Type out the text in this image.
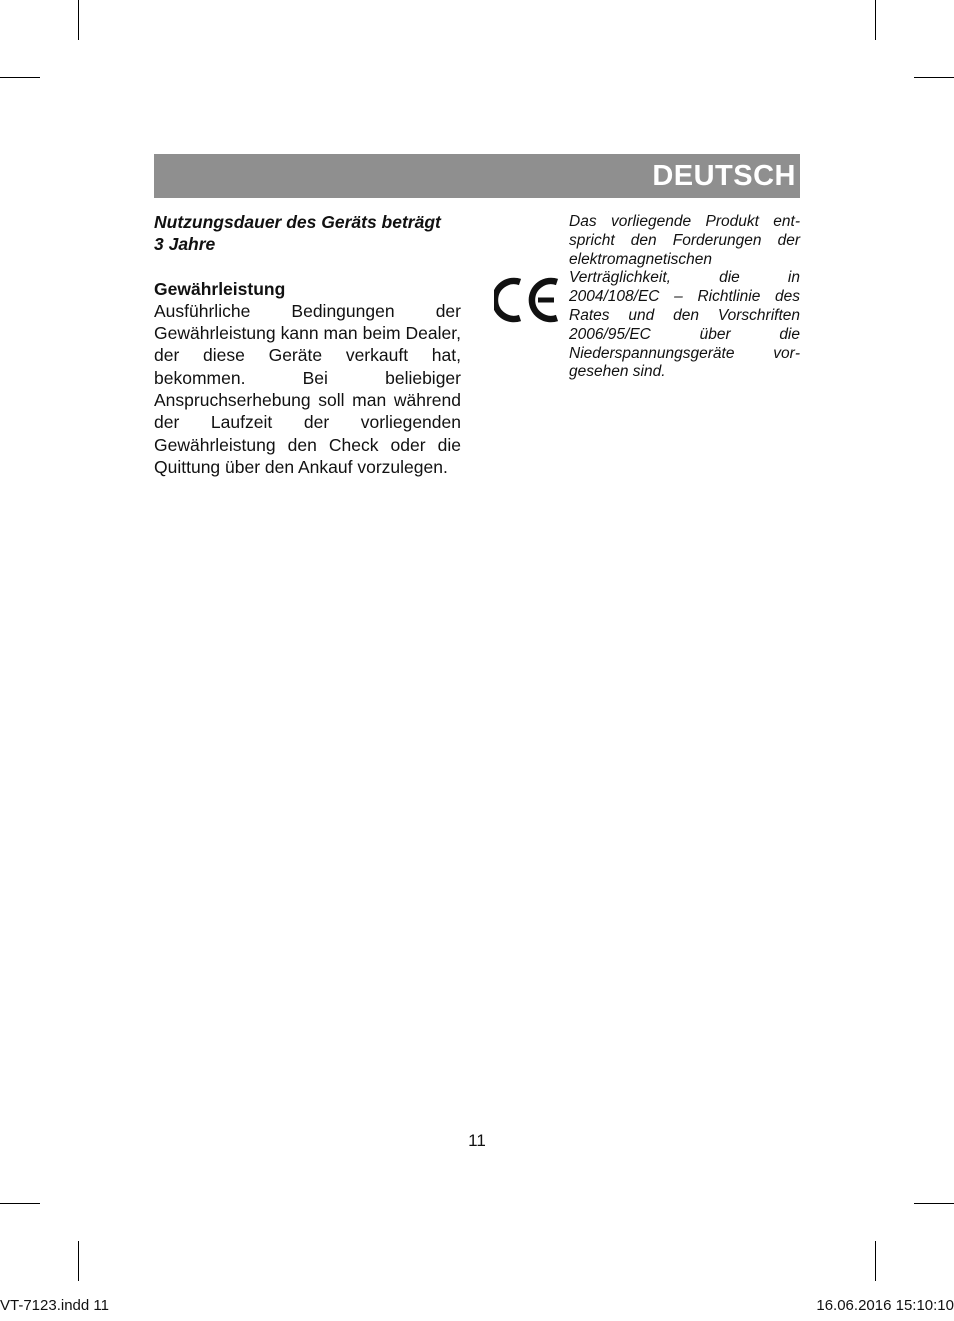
DEUTSCH
Nutzungsdauer des Geräts beträgt
3 Jahre

Gewährleistung

Ausführliche Bedingungen der Gewährleistung kann man beim Dealer, der diese Geräte verkauft hat, bekommen. Bei beliebiger Anspruchserhebung soll man während der Laufzeit der vorliegenden Gewährleistung den Check oder die Quittung über den Ankauf vorzulegen.

Das vorliegende Produkt entspricht den Forderungen der elektromagnetischen Verträglichkeit, die in 2004/108/EC – Richtlinie des Rates und den Vorschriften 2006/95/EC über die Niederspannungsgeräte vorgesehen sind.
11
VT-7123.indd 11	16.06.2016 15:10:10
